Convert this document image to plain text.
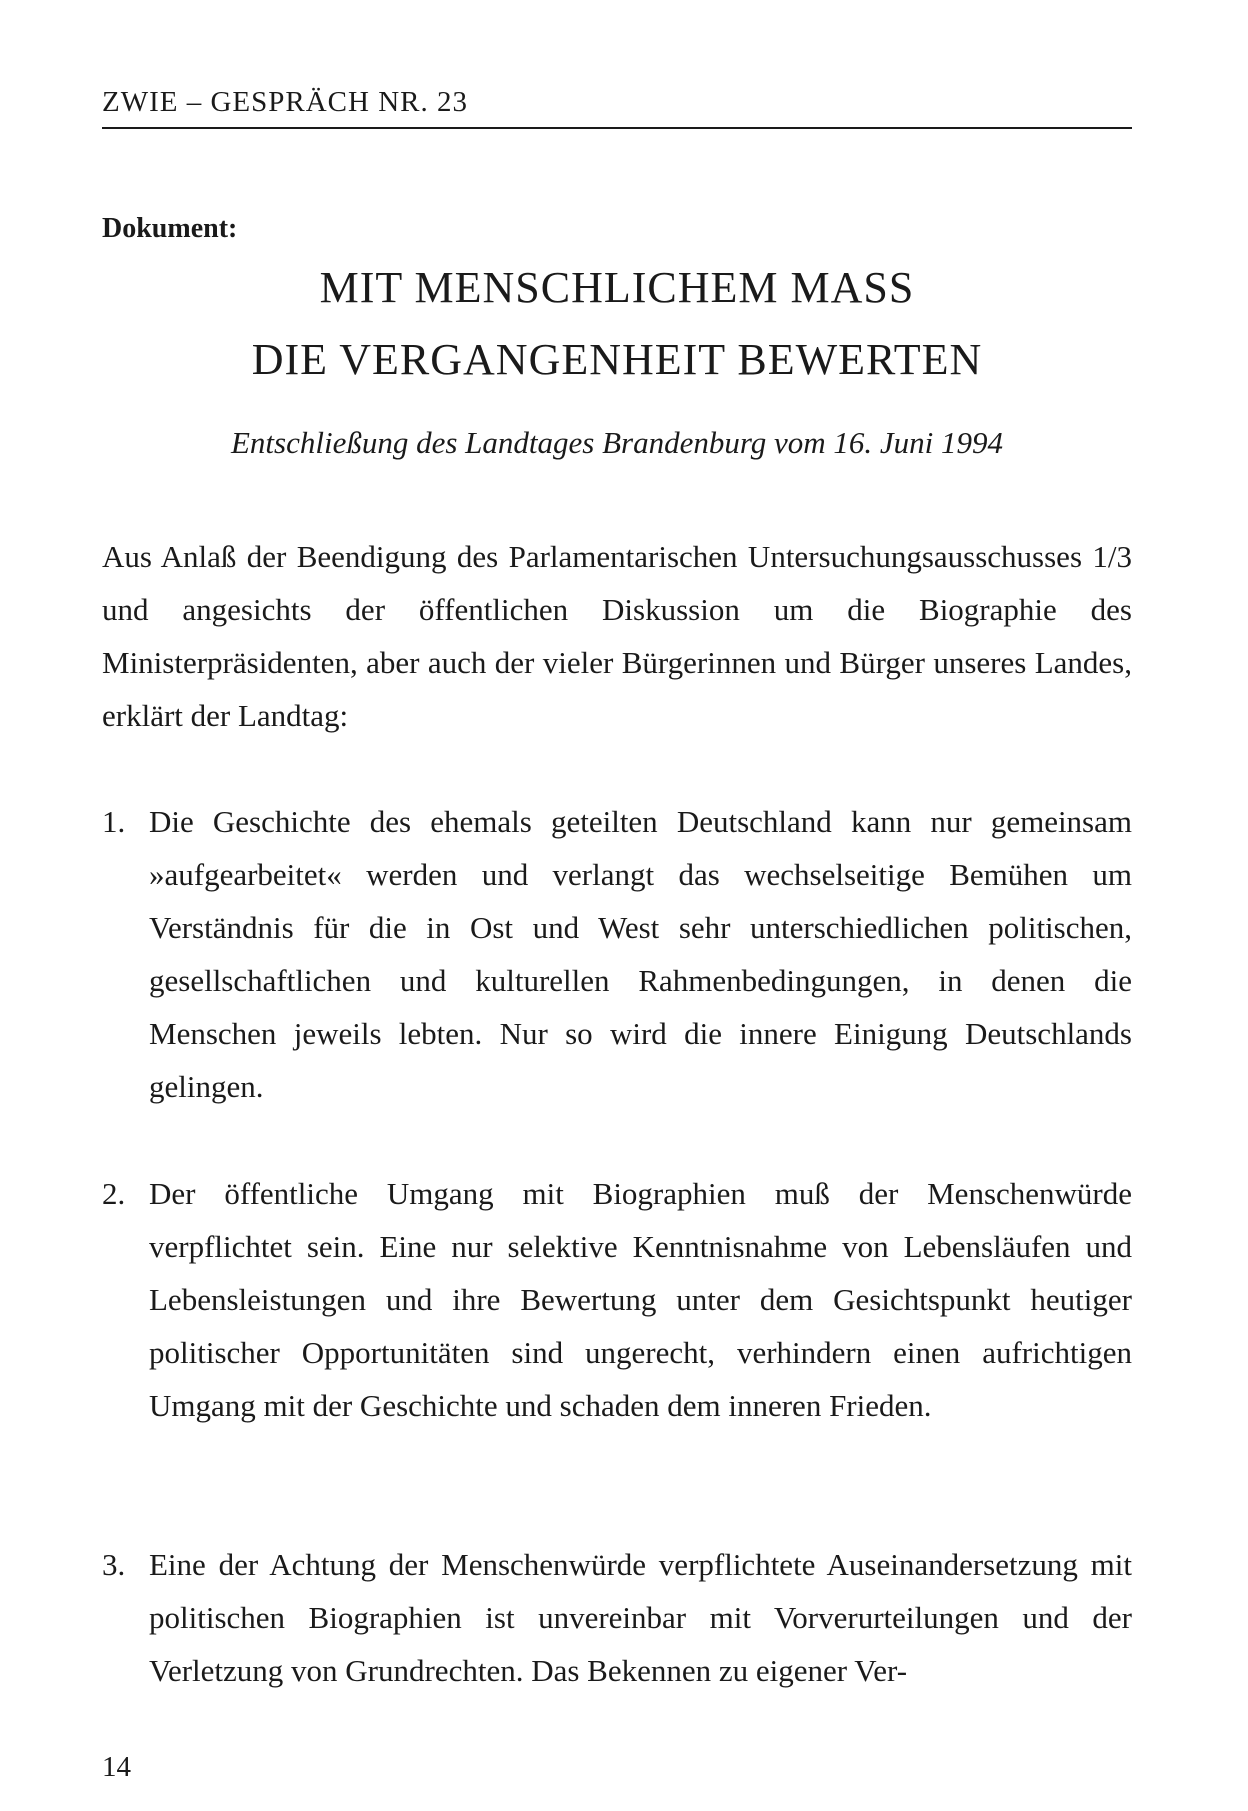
ZWIE – GESPRÄCH NR. 23
Dokument:
MIT MENSCHLICHEM MASS
DIE VERGANGENHEIT BEWERTEN
Entschließung des Landtages Brandenburg vom 16. Juni 1994
Aus Anlaß der Beendigung des Parlamentarischen Untersuchungsausschusses 1/3 und angesichts der öffentlichen Diskussion um die Biographie des Ministerpräsidenten, aber auch der vieler Bürgerinnen und Bürger unseres Landes, erklärt der Landtag:
1. Die Geschichte des ehemals geteilten Deutschland kann nur gemeinsam »aufgearbeitet« werden und verlangt das wechselseitige Bemühen um Verständnis für die in Ost und West sehr unterschiedlichen politischen, gesellschaftlichen und kulturellen Rahmenbedingungen, in denen die Menschen jeweils lebten. Nur so wird die innere Einigung Deutschlands gelingen.
2. Der öffentliche Umgang mit Biographien muß der Menschenwürde verpflichtet sein. Eine nur selektive Kenntnisnahme von Lebensläufen und Lebensleistungen und ihre Bewertung unter dem Gesichtspunkt heutiger politischer Opportunitäten sind ungerecht, verhindern einen aufrichtigen Umgang mit der Geschichte und schaden dem inneren Frieden.
3. Eine der Achtung der Menschenwürde verpflichtete Auseinandersetzung mit politischen Biographien ist unvereinbar mit Vorverurteilungen und der Verletzung von Grundrechten. Das Bekennen zu eigener Ver-
14
